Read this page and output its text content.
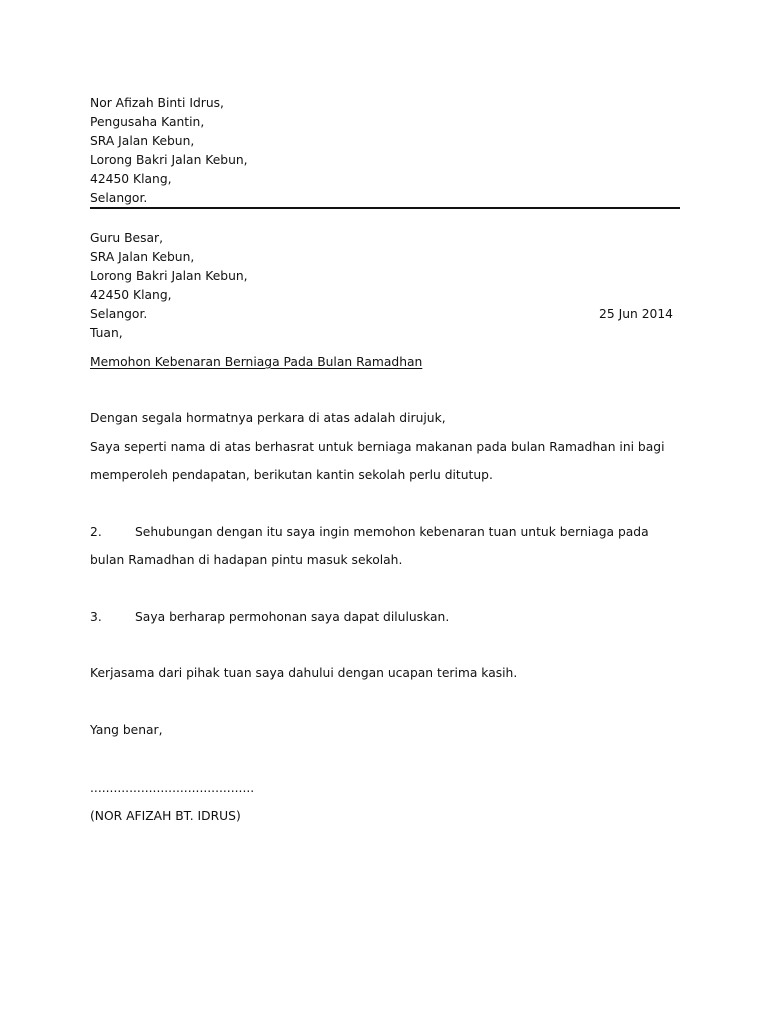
Nor Afizah Binti Idrus,
Pengusaha Kantin,
SRA Jalan Kebun,
Lorong Bakri Jalan Kebun,
42450 Klang,
Selangor.
Guru Besar,
SRA Jalan Kebun,
Lorong Bakri Jalan Kebun,
42450 Klang,
Selangor.	25 Jun 2014
Tuan,
Memohon Kebenaran Berniaga Pada Bulan Ramadhan
Dengan segala hormatnya perkara di atas adalah dirujuk,
Saya seperti nama di atas berhasrat untuk berniaga makanan pada bulan Ramadhan ini bagi
memperoleh pendapatan, berikutan kantin sekolah perlu ditutup.
2.	Sehubungan dengan itu saya ingin memohon kebenaran tuan untuk berniaga pada
bulan Ramadhan di hadapan pintu masuk sekolah.
3.	Saya berharap permohonan saya dapat diluluskan.
Kerjasama dari pihak tuan saya dahului dengan ucapan terima kasih.
Yang benar,
..........................................
(NOR AFIZAH BT. IDRUS)
